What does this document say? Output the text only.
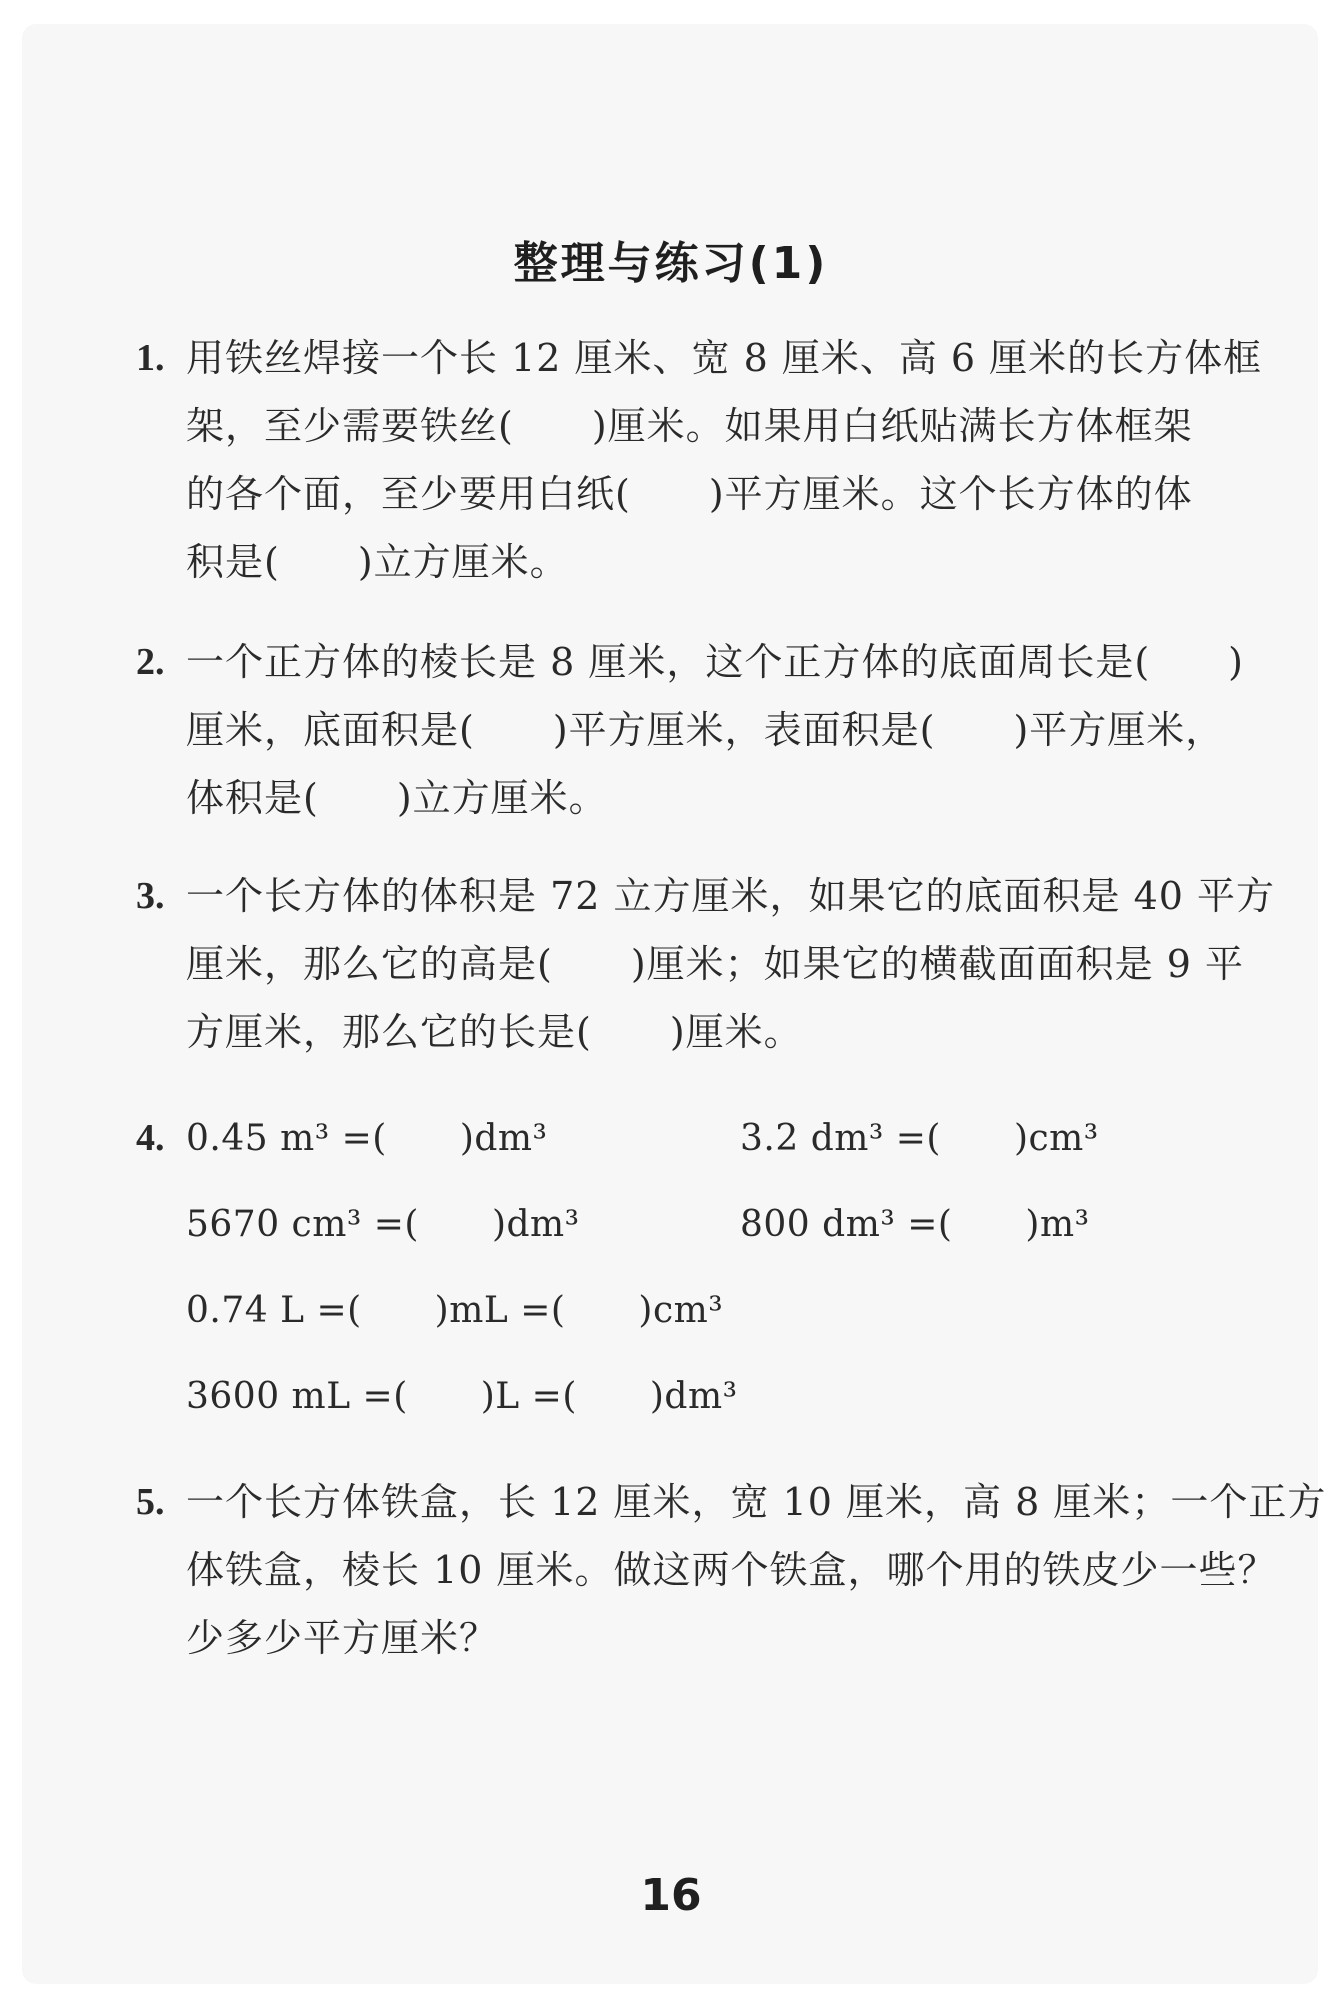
整理与练习(1)
1. 用铁丝焊接一个长 12 厘米、宽 8 厘米、高 6 厘米的长方体框
架，至少需要铁丝(　　)厘米。如果用白纸贴满长方体框架
的各个面，至少要用白纸(　　)平方厘米。这个长方体的体
积是(　　)立方厘米。
2. 一个正方体的棱长是 8 厘米，这个正方体的底面周长是(　　)
厘米，底面积是(　　)平方厘米，表面积是(　　)平方厘米，
体积是(　　)立方厘米。
3. 一个长方体的体积是 72 立方厘米，如果它的底面积是 40 平方
厘米，那么它的高是(　　)厘米；如果它的横截面面积是 9 平
方厘米，那么它的长是(　　)厘米。
4. 0.45 m³ =(　　)dm³	3.2 dm³ =(　　)cm³
5670 cm³ =(　　)dm³	800 dm³ =(　　)m³
0.74 L =(　　)mL =(　　)cm³
3600 mL =(　　)L =(　　)dm³
5. 一个长方体铁盒，长 12 厘米，宽 10 厘米，高 8 厘米；一个正方
体铁盒，棱长 10 厘米。做这两个铁盒，哪个用的铁皮少一些？
少多少平方厘米？
16
